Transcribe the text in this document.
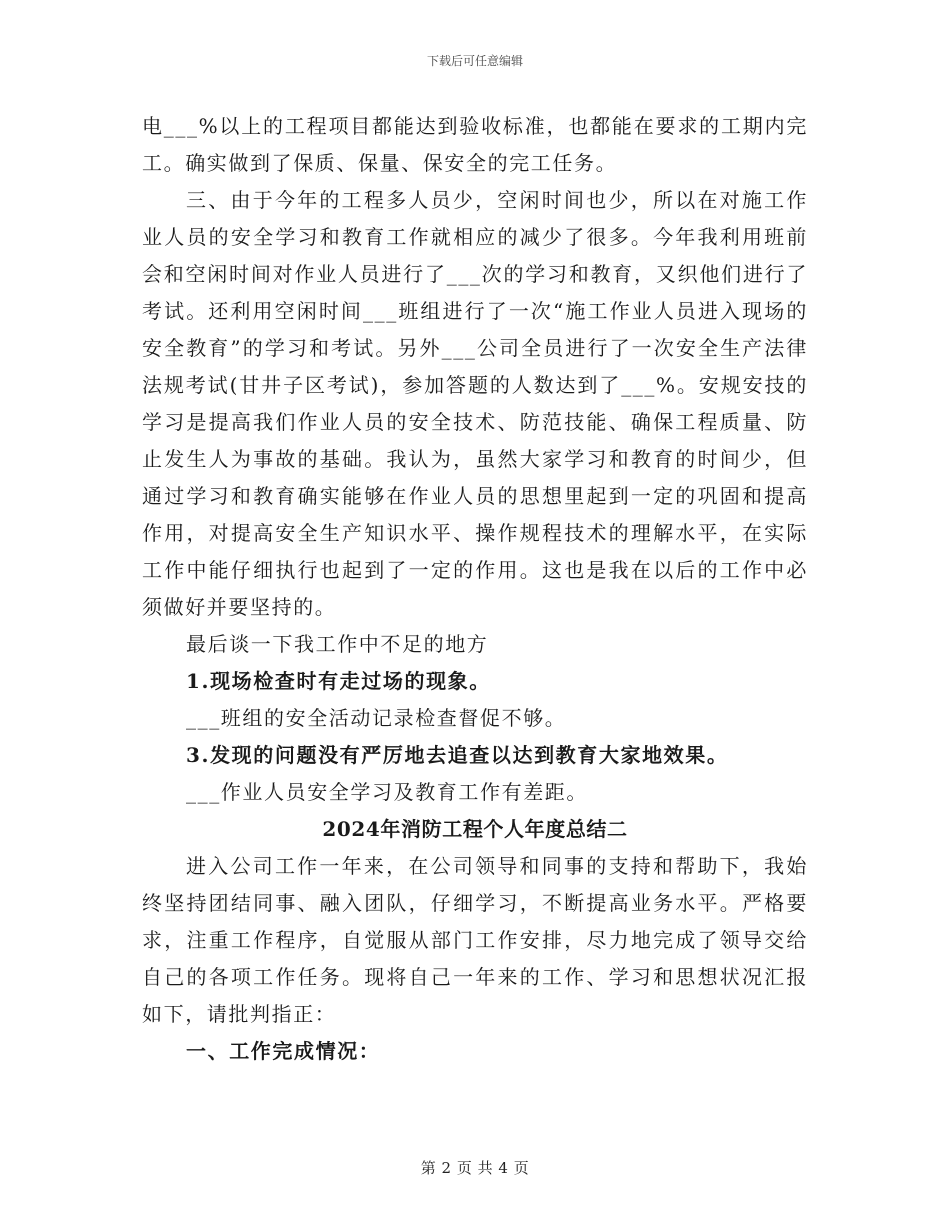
下载后可任意编辑

电___%以上的工程项目都能达到验收标准，也都能在要求的工期内完工。确实做到了保质、保量、保安全的完工任务。

三、由于今年的工程多人员少，空闲时间也少，所以在对施工作业人员的安全学习和教育工作就相应的减少了很多。今年我利用班前会和空闲时间对作业人员进行了___次的学习和教育，又织他们进行了考试。还利用空闲时间___班组进行了一次“施工作业人员进入现场的安全教育”的学习和考试。另外___公司全员进行了一次安全生产法律法规考试(甘井子区考试)，参加答题的人数达到了___%。安规安技的学习是提高我们作业人员的安全技术、防范技能、确保工程质量、防止发生人为事故的基础。我认为，虽然大家学习和教育的时间少，但通过学习和教育确实能够在作业人员的思想里起到一定的巩固和提高作用，对提高安全生产知识水平、操作规程技术的理解水平，在实际工作中能仔细执行也起到了一定的作用。这也是我在以后的工作中必须做好并要坚持的。

最后谈一下我工作中不足的地方

1.现场检查时有走过场的现象。

___班组的安全活动记录检查督促不够。

3.发现的问题没有严厉地去追查以达到教育大家地效果。

___作业人员安全学习及教育工作有差距。

2024年消防工程个人年度总结二

进入公司工作一年来，在公司领导和同事的支持和帮助下，我始终坚持团结同事、融入团队，仔细学习，不断提高业务水平。严格要求，注重工作程序，自觉服从部门工作安排，尽力地完成了领导交给自己的各项工作任务。现将自己一年来的工作、学习和思想状况汇报如下，请批判指正：

一、工作完成情况：

第 2 页 共 4 页
